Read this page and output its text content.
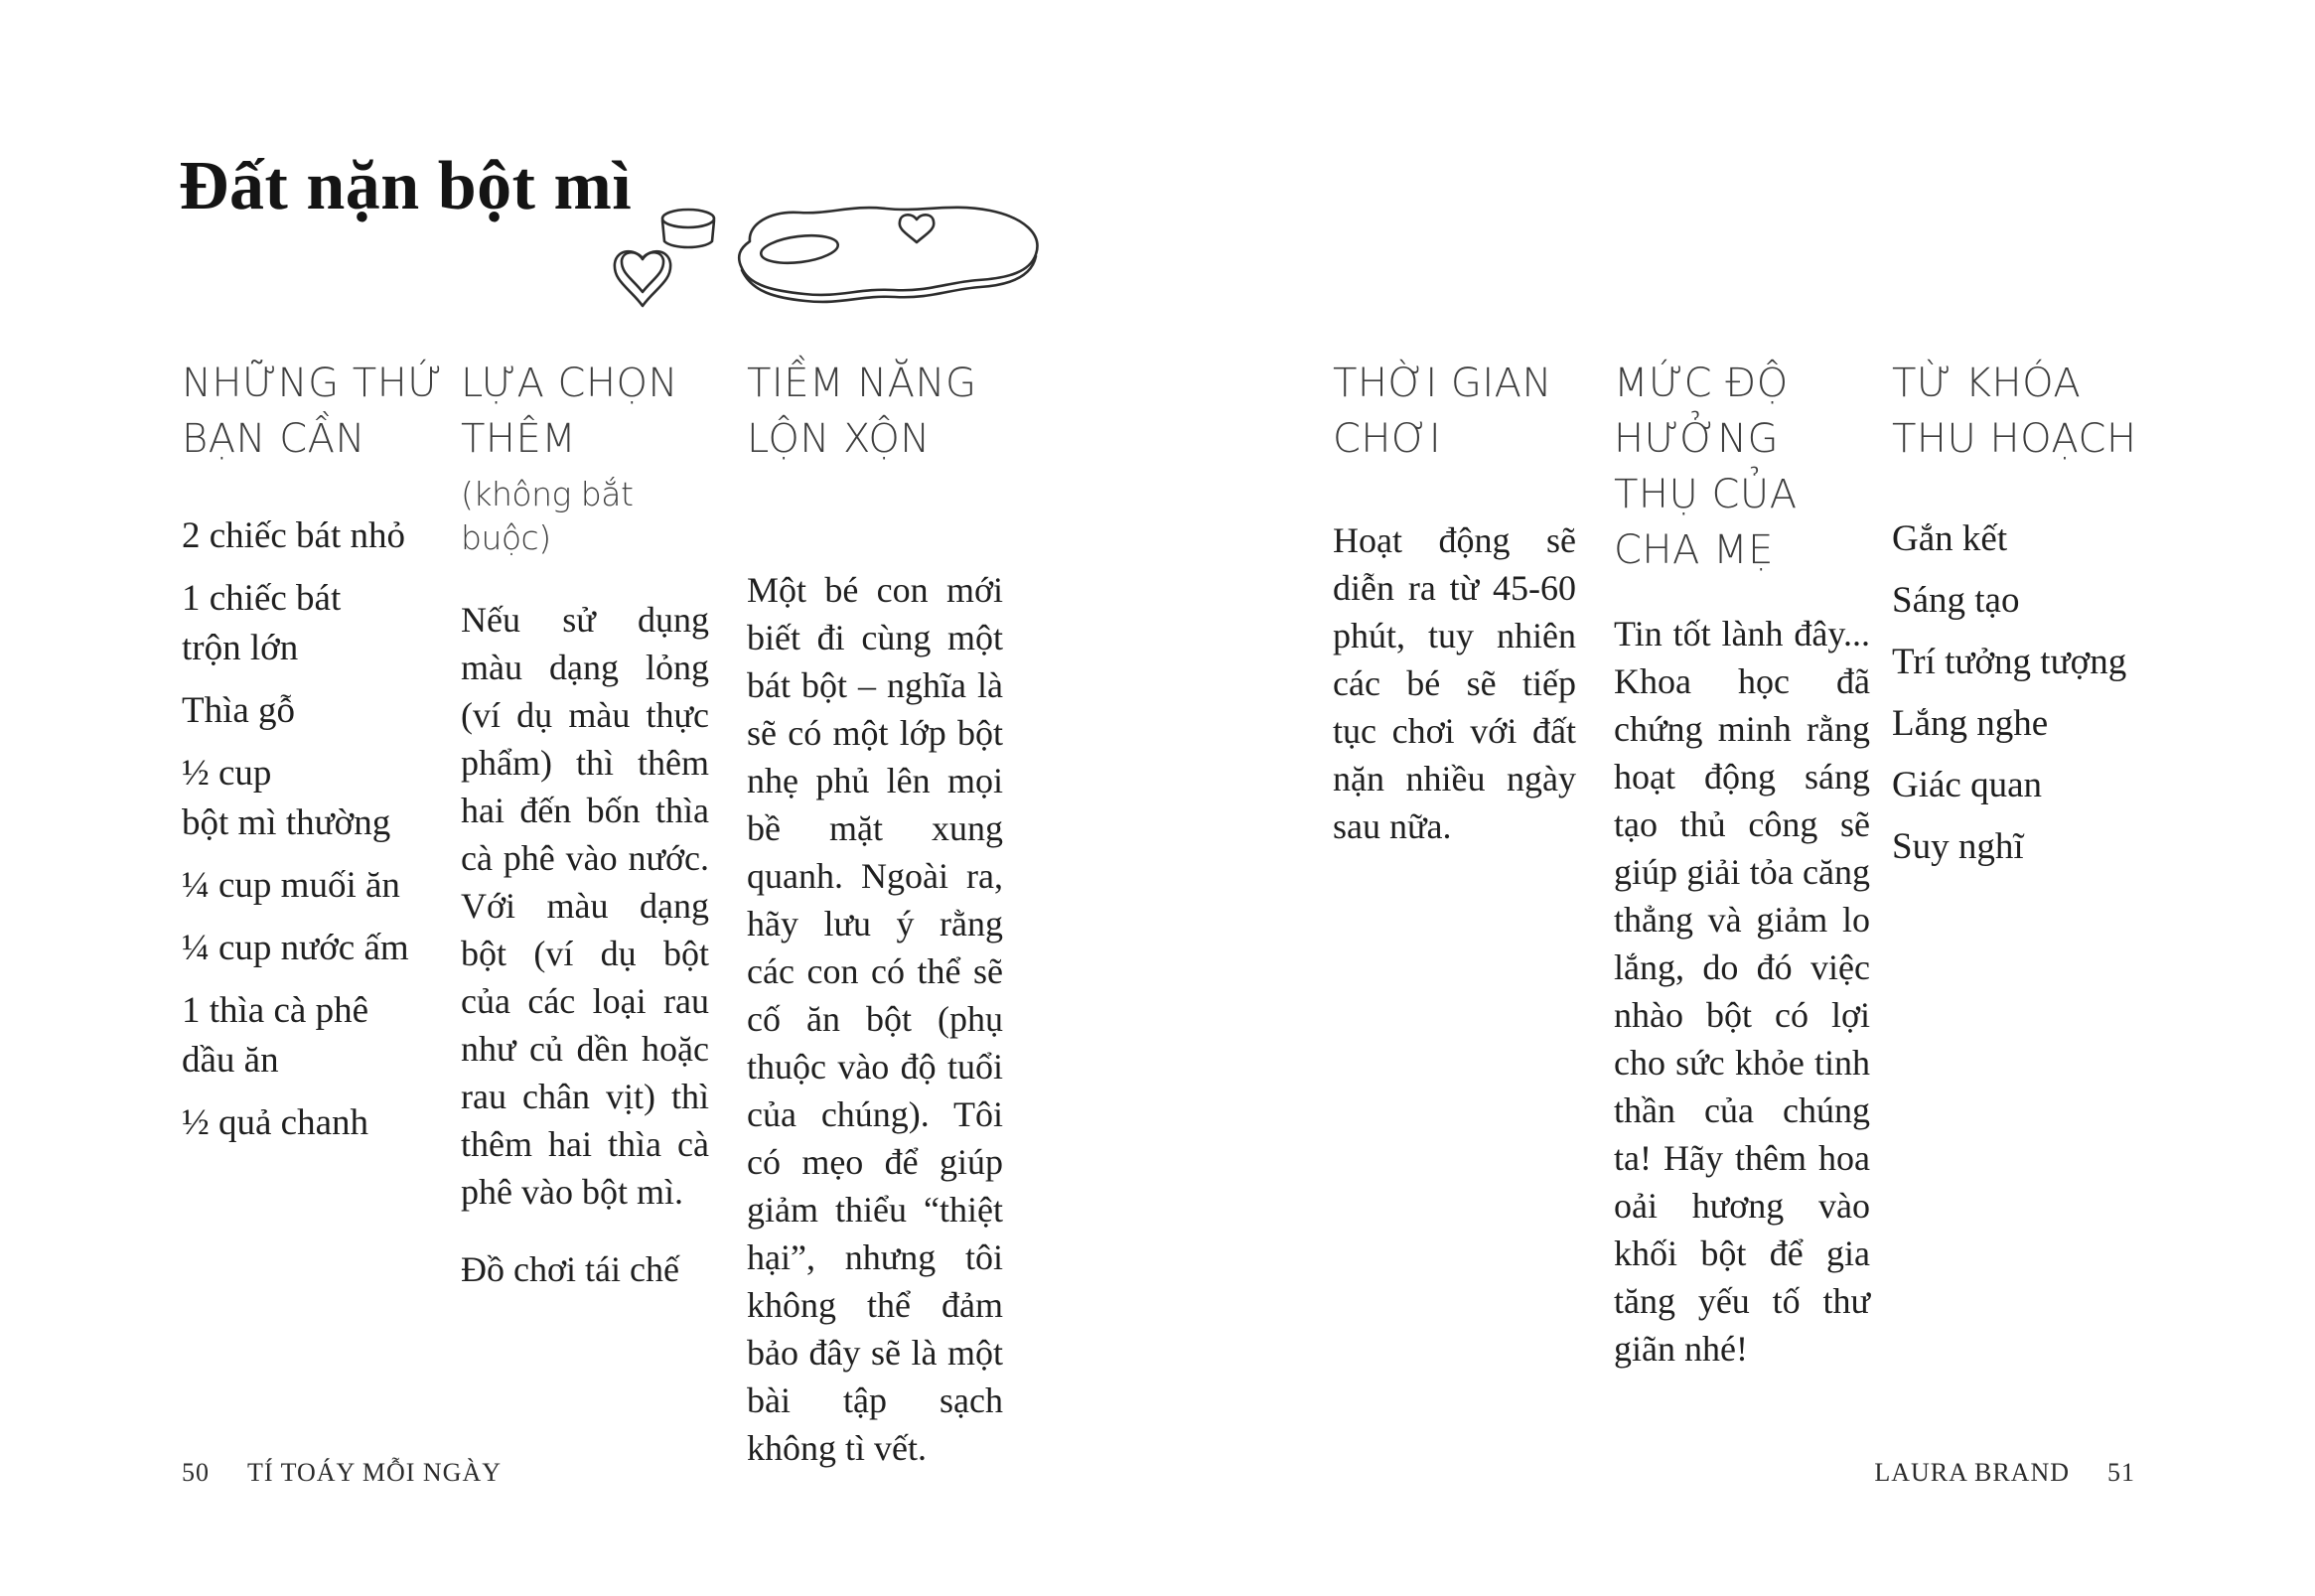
Đất nặn bột mì
NHỮNG THỨ
BẠN CẦN

2 chiếc bát nhỏ

1 chiếc bát
trộn lớn

Thìa gỗ

½ cup
bột mì thường

¼ cup muối ăn

¼ cup nước ấm

1 thìa cà phê
dầu ăn

½ quả chanh

LỰA CHỌN
THÊM

(không bắt buộc)

Nếu sử dụng màu dạng lỏng (ví dụ màu thực phẩm) thì thêm hai đến bốn thìa cà phê vào nước. Với màu dạng bột (ví dụ bột của các loại rau như củ dền hoặc rau chân vịt) thì thêm hai thìa cà phê vào bột mì.

Đồ chơi tái chế

TIỀM NĂNG
LỘN XỘN

Một bé con mới biết đi cùng một bát bột – nghĩa là sẽ có một lớp bột nhẹ phủ lên mọi bề mặt xung quanh. Ngoài ra, hãy lưu ý rằng các con có thể sẽ cố ăn bột (phụ thuộc vào độ tuổi của chúng). Tôi có mẹo để giúp giảm thiểu “thiệt hại”, nhưng tôi không thể đảm bảo đây sẽ là một bài tập sạch không tì vết.

THỜI GIAN
CHƠI

Hoạt động sẽ diễn ra từ 45-60 phút, tuy nhiên các bé sẽ tiếp tục chơi với đất nặn nhiều ngày sau nữa.

MỨC ĐỘ
HƯỞNG
THỤ CỦA
CHA MẸ

Tin tốt lành đây... Khoa học đã chứng minh rằng hoạt động sáng tạo thủ công sẽ giúp giải tỏa căng thẳng và giảm lo lắng, do đó việc nhào bột có lợi cho sức khỏe tinh thần của chúng ta! Hãy thêm hoa oải hương vào khối bột để gia tăng yếu tố thư giãn nhé!

TỪ KHÓA
THU HOẠCH

Gắn kết

Sáng tạo

Trí tưởng tượng

Lắng nghe

Giác quan

Suy nghĩ

50 TÍ TOÁY MỖI NGÀY	LAURA BRAND 51
